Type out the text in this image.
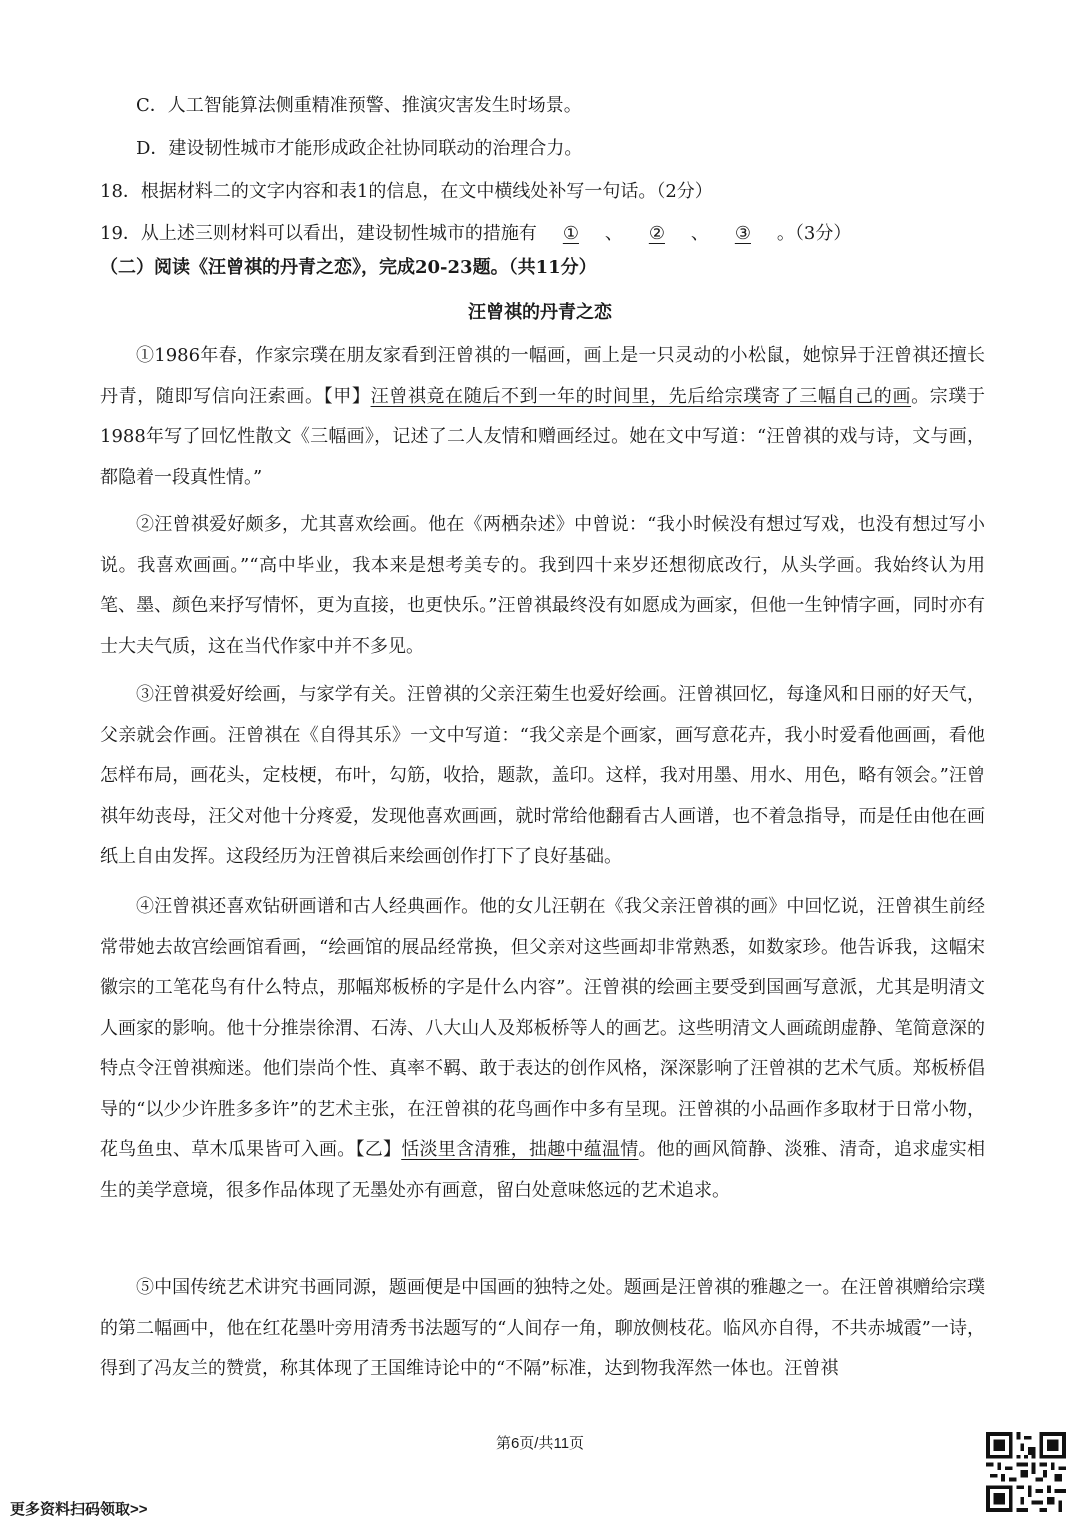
C．人工智能算法侧重精准预警、推演灾害发生时场景。
D．建设韧性城市才能形成政企社协同联动的治理合力。
18．根据材料二的文字内容和表1的信息，在文中横线处补写一句话。（2分）
19．从上述三则材料可以看出，建设韧性城市的措施有 ① 、 ② 、 ③ 。（3分）
（二）阅读《汪曾祺的丹青之恋》，完成20-23题。（共11分）
汪曾祺的丹青之恋
①1986年春，作家宗璞在朋友家看到汪曾祺的一幅画，画上是一只灵动的小松鼠，她惊异于汪曾祺还擅长丹青，随即写信向汪索画。【甲】汪曾祺竟在随后不到一年的时间里，先后给宗璞寄了三幅自己的画。宗璞于1988年写了回忆性散文《三幅画》，记述了二人友情和赠画经过。她在文中写道：“汪曾祺的戏与诗，文与画，都隐着一段真性情。”
②汪曾祺爱好颇多，尤其喜欢绘画。他在《两栖杂述》中曾说：“我小时候没有想过写戏，也没有想过写小说。我喜欢画画。”“高中毕业，我本来是想考美专的。我到四十来岁还想彻底改行，从头学画。我始终认为用笔、墨、颜色来抒写情怀，更为直接，也更快乐。”汪曾祺最终没有如愿成为画家，但他一生钟情字画，同时亦有士大夫气质，这在当代作家中并不多见。
③汪曾祺爱好绘画，与家学有关。汪曾祺的父亲汪菊生也爱好绘画。汪曾祺回忆，每逢风和日丽的好天气，父亲就会作画。汪曾祺在《自得其乐》一文中写道：“我父亲是个画家，画写意花卉，我小时爱看他画画，看他怎样布局，画花头，定枝梗，布叶，勾筋，收拾，题款，盖印。这样，我对用墨、用水、用色，略有领会。”汪曾祺年幼丧母，汪父对他十分疼爱，发现他喜欢画画，就时常给他翻看古人画谱，也不着急指导，而是任由他在画纸上自由发挥。这段经历为汪曾祺后来绘画创作打下了良好基础。
④汪曾祺还喜欢钻研画谱和古人经典画作。他的女儿汪朝在《我父亲汪曾祺的画》中回忆说，汪曾祺生前经常带她去故宫绘画馆看画，“绘画馆的展品经常换，但父亲对这些画却非常熟悉，如数家珍。他告诉我，这幅宋徽宗的工笔花鸟有什么特点，那幅郑板桥的字是什么内容”。汪曾祺的绘画主要受到国画写意派，尤其是明清文人画家的影响。他十分推崇徐渭、石涛、八大山人及郑板桥等人的画艺。这些明清文人画疏朗虚静、笔简意深的特点令汪曾祺痴迷。他们崇尚个性、真率不羁、敢于表达的创作风格，深深影响了汪曾祺的艺术气质。郑板桥倡导的“以少少许胜多多许”的艺术主张，在汪曾祺的花鸟画作中多有呈现。汪曾祺的小品画作多取材于日常小物，花鸟鱼虫、草木瓜果皆可入画。【乙】恬淡里含清雅，拙趣中蕴温情。他的画风简静、淡雅、清奇，追求虚实相生的美学意境，很多作品体现了无墨处亦有画意，留白处意味悠远的艺术追求。
⑤中国传统艺术讲究书画同源，题画便是中国画的独特之处。题画是汪曾祺的雅趣之一。在汪曾祺赠给宗璞的第二幅画中，他在红花墨叶旁用清秀书法题写的“人间存一角，聊放侧枝花。临风亦自得，不共赤城霞”一诗，得到了冯友兰的赞赏，称其体现了王国维诗论中的“不隔”标准，达到物我浑然一体也。汪曾祺
第6页/共11页
更多资料扫码领取>>
